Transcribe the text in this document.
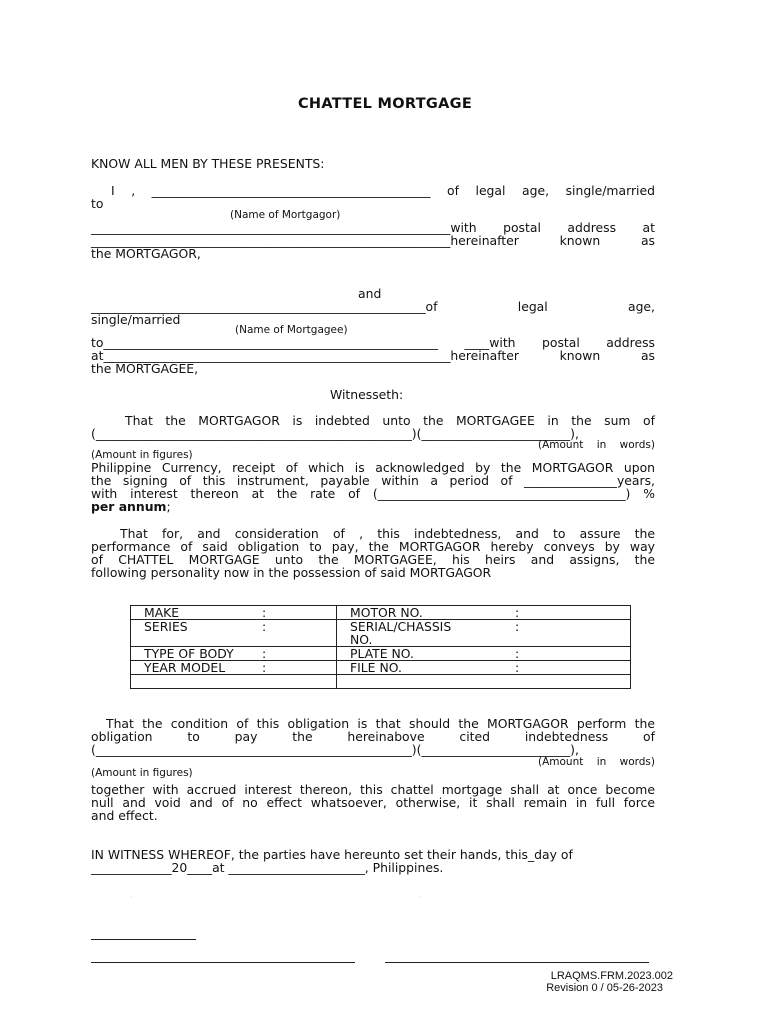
CHATTEL MORTGAGE
KNOW ALL MEN BY THESE PRESENTS:
I , _____________________________________________ of legal age, single/married
to
(Name of Mortgagor)
__________________________________________________________with postal address at
__________________________________________________________hereinafter known as
the MORTGAGOR,
and
______________________________________________________of legal age,
single/married
(Name of Mortgagee)
to______________________________________________________ ____with postal address
at________________________________________________________hereinafter known as
the MORTGAGEE,
Witnesseth:
That the MORTGAGOR is indebted unto the MORTGAGEE in the sum of
(___________________________________________________)(________________________),
(Amount in words)
(Amount in figures)
Philippine Currency, receipt of which is acknowledged by the MORTGAGOR upon
the signing of this instrument, payable within a period of _______________years,
with interest thereon at the rate of (________________________________________) %
per annum;
That for, and consideration of , this indebtedness, and to assure the
performance of said obligation to pay, the MORTGAGOR hereby conveys by way
of CHATTEL MORTGAGE unto the MORTGAGEE, his heirs and assigns, the
following personality now in the possession of said MORTGAGOR
MAKE :	MOTOR NO. :
SERIES :	SERIAL/CHASSIS NO.:
TYPE OF BODY :	PLATE NO. :
YEAR MODEL :	FILE NO. :

That the condition of this obligation is that should the MORTGAGOR perform the
obligation to pay the hereinabove cited indebtedness of
(___________________________________________________)(________________________),
(Amount in words)
(Amount in figures)
together with accrued interest thereon, this chattel mortgage shall at once become
null and void and of no effect whatsoever, otherwise, it shall remain in full force
and effect.
IN WITNESS WHEREOF, the parties have hereunto set their hands, this_day of
_____________20____at ______________________, Philippines.
·	·
LRAQMS.FRM.2023.002
Revision 0 / 05-26-2023
